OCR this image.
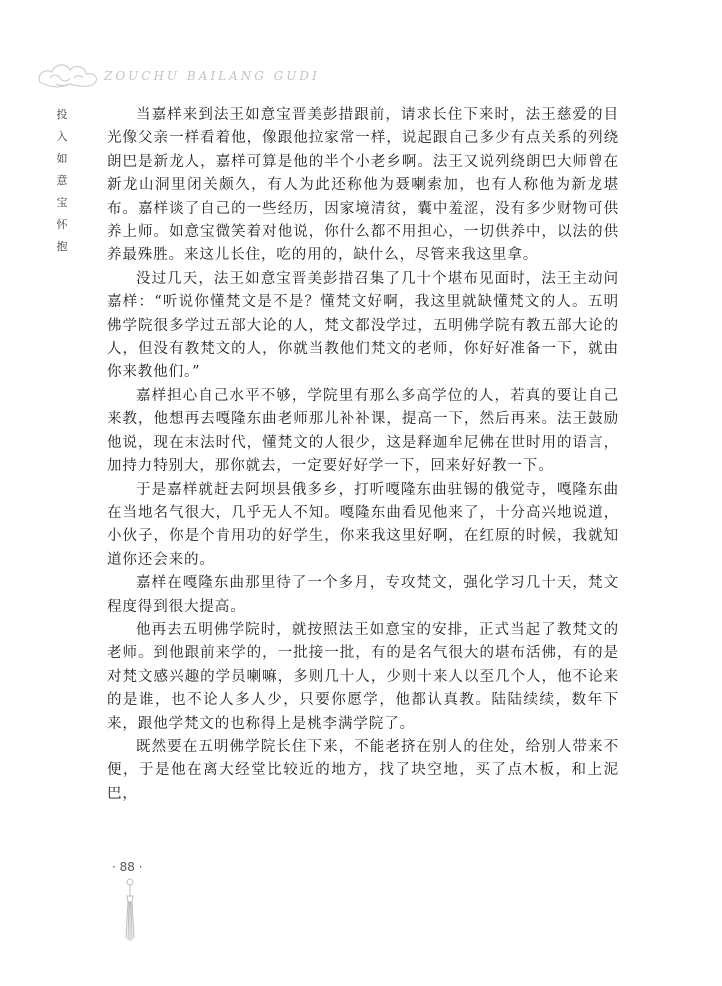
ZOUCHU BAILANG GUDI
投
入
如
意
宝
怀
抱

当嘉样来到法王如意宝晋美彭措跟前，请求长住下来时，法王慈爱的目光像父亲一样看着他，像跟他拉家常一样，说起跟自己多少有点关系的列绕朗巴是新龙人，嘉样可算是他的半个小老乡啊。法王又说列绕朗巴大师曾在新龙山洞里闭关颇久，有人为此还称他为聂喇索加，也有人称他为新龙堪布。嘉样谈了自己的一些经历，因家境清贫，囊中羞涩，没有多少财物可供养上师。如意宝微笑着对他说，你什么都不用担心，一切供养中，以法的供养最殊胜。来这儿长住，吃的用的，缺什么，尽管来我这里拿。

没过几天，法王如意宝晋美彭措召集了几十个堪布见面时，法王主动问嘉样：“听说你懂梵文是不是？懂梵文好啊，我这里就缺懂梵文的人。五明佛学院很多学过五部大论的人，梵文都没学过，五明佛学院有教五部大论的人，但没有教梵文的人，你就当教他们梵文的老师，你好好准备一下，就由你来教他们。”

嘉样担心自己水平不够，学院里有那么多高学位的人，若真的要让自己来教，他想再去嘎隆东曲老师那儿补补课，提高一下，然后再来。法王鼓励他说，现在末法时代，懂梵文的人很少，这是释迦牟尼佛在世时用的语言，加持力特别大，那你就去，一定要好好学一下，回来好好教一下。

于是嘉样就赶去阿坝县俄多乡，打听嘎隆东曲驻锡的俄觉寺，嘎隆东曲在当地名气很大，几乎无人不知。嘎隆东曲看见他来了，十分高兴地说道，小伙子，你是个肯用功的好学生，你来我这里好啊，在红原的时候，我就知道你还会来的。

嘉样在嘎隆东曲那里待了一个多月，专攻梵文，强化学习几十天，梵文程度得到很大提高。

他再去五明佛学院时，就按照法王如意宝的安排，正式当起了教梵文的老师。到他跟前来学的，一批接一批，有的是名气很大的堪布活佛，有的是对梵文感兴趣的学员喇嘛，多则几十人，少则十来人以至几个人，他不论来的是谁，也不论人多人少，只要你愿学，他都认真教。陆陆续续，数年下来，跟他学梵文的也称得上是桃李满学院了。

既然要在五明佛学院长住下来，不能老挤在别人的住处，给别人带来不便，于是他在离大经堂比较近的地方，找了块空地，买了点木板，和上泥巴，

· 88 ·
